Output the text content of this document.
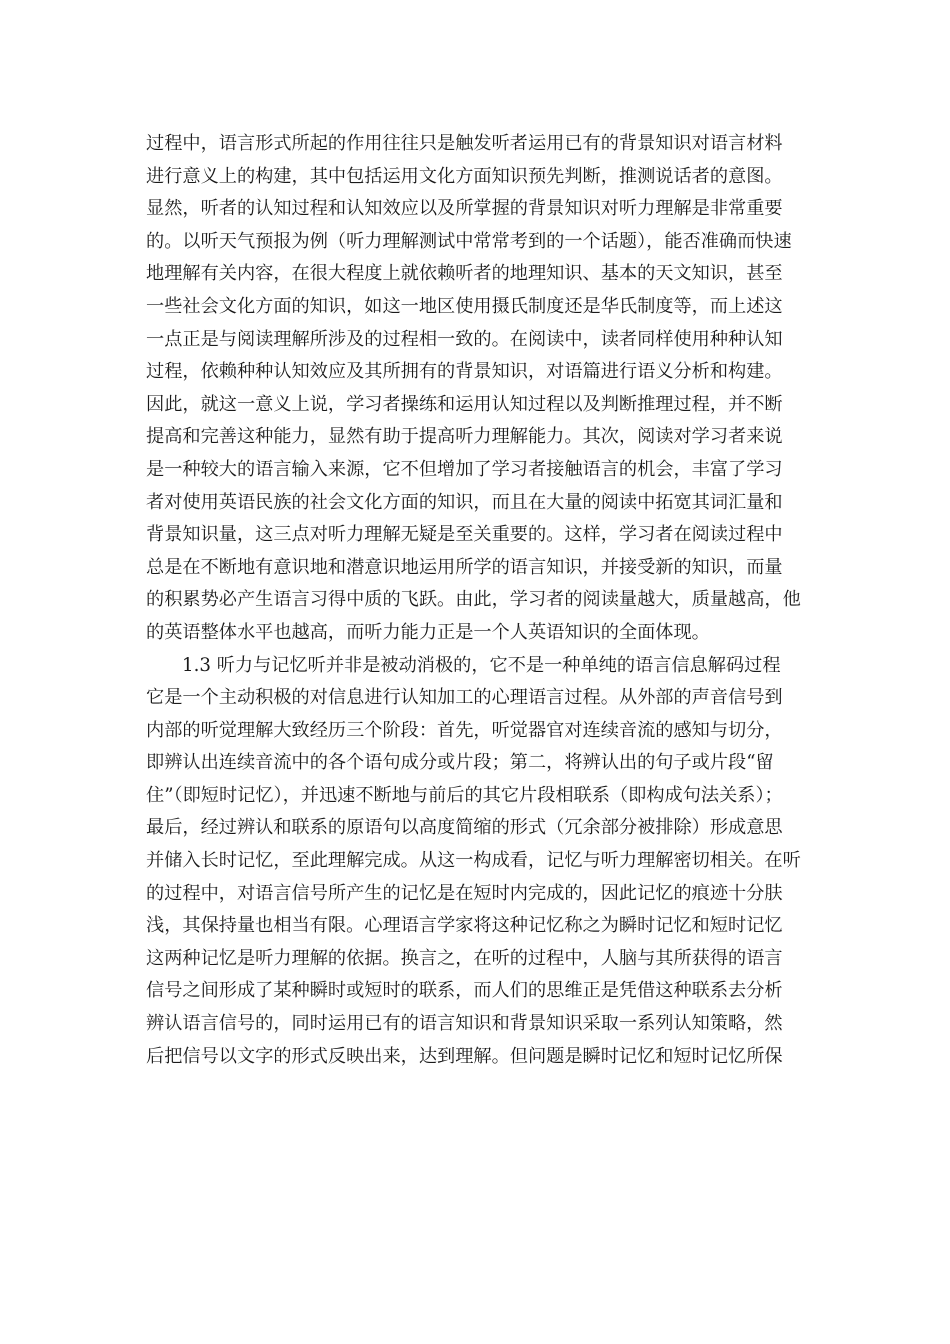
过程中，语言形式所起的作用往往只是触发听者运用已有的背景知识对语言材料
进行意义上的构建，其中包括运用文化方面知识预先判断，推测说话者的意图。
显然，听者的认知过程和认知效应以及所掌握的背景知识对听力理解是非常重要
的。以听天气预报为例（听力理解测试中常常考到的一个话题），能否准确而快速
地理解有关内容，在很大程度上就依赖听者的地理知识、基本的天文知识，甚至
一些社会文化方面的知识，如这一地区使用摄氏制度还是华氏制度等，而上述这
一点正是与阅读理解所涉及的过程相一致的。在阅读中，读者同样使用种种认知
过程，依赖种种认知效应及其所拥有的背景知识，对语篇进行语义分析和构建。
因此，就这一意义上说，学习者操练和运用认知过程以及判断推理过程，并不断
提高和完善这种能力，显然有助于提高听力理解能力。其次，阅读对学习者来说
是一种较大的语言输入来源，它不但增加了学习者接触语言的机会，丰富了学习
者对使用英语民族的社会文化方面的知识，而且在大量的阅读中拓宽其词汇量和
背景知识量，这三点对听力理解无疑是至关重要的。这样，学习者在阅读过程中
总是在不断地有意识地和潜意识地运用所学的语言知识，并接受新的知识，而量
的积累势必产生语言习得中质的飞跃。由此，学习者的阅读量越大，质量越高，他
的英语整体水平也越高，而听力能力正是一个人英语知识的全面体现。
1.3 听力与记忆听并非是被动消极的，它不是一种单纯的语言信息解码过程
它是一个主动积极的对信息进行认知加工的心理语言过程。从外部的声音信号到
内部的听觉理解大致经历三个阶段：首先，听觉器官对连续音流的感知与切分，
即辨认出连续音流中的各个语句成分或片段；第二，将辨认出的句子或片段“留
住”（即短时记忆），并迅速不断地与前后的其它片段相联系（即构成句法关系）；
最后，经过辨认和联系的原语句以高度简缩的形式（冗余部分被排除）形成意思
并储入长时记忆，至此理解完成。从这一构成看，记忆与听力理解密切相关。在听
的过程中，对语言信号所产生的记忆是在短时内完成的，因此记忆的痕迹十分肤
浅，其保持量也相当有限。心理语言学家将这种记忆称之为瞬时记忆和短时记忆
这两种记忆是听力理解的依据。换言之，在听的过程中，人脑与其所获得的语言
信号之间形成了某种瞬时或短时的联系，而人们的思维正是凭借这种联系去分析
辨认语言信号的，同时运用已有的语言知识和背景知识采取一系列认知策略，然
后把信号以文字的形式反映出来，达到理解。但问题是瞬时记忆和短时记忆所保
